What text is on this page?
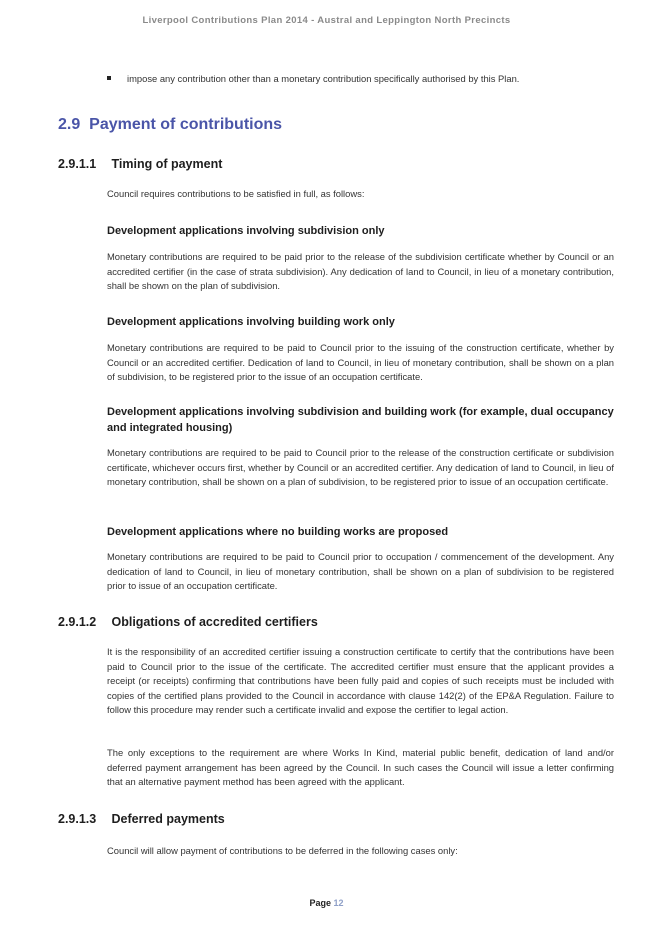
Liverpool Contributions Plan 2014 - Austral and Leppington North Precincts
impose any contribution other than a monetary contribution specifically authorised by this Plan.
2.9 Payment of contributions
2.9.1.1 Timing of payment
Council requires contributions to be satisfied in full, as follows:
Development applications involving subdivision only
Monetary contributions are required to be paid prior to the release of the subdivision certificate whether by Council or an accredited certifier (in the case of strata subdivision). Any dedication of land to Council, in lieu of a monetary contribution, shall be shown on the plan of subdivision.
Development applications involving building work only
Monetary contributions are required to be paid to Council prior to the issuing of the construction certificate, whether by Council or an accredited certifier. Dedication of land to Council, in lieu of monetary contribution, shall be shown on a plan of subdivision, to be registered prior to the issue of an occupation certificate.
Development applications involving subdivision and building work (for example, dual occupancy and integrated housing)
Monetary contributions are required to be paid to Council prior to the release of the construction certificate or subdivision certificate, whichever occurs first, whether by Council or an accredited certifier. Any dedication of land to Council, in lieu of monetary contribution, shall be shown on a plan of subdivision, to be registered prior to issue of an occupation certificate.
Development applications where no building works are proposed
Monetary contributions are required to be paid to Council prior to occupation / commencement of the development. Any dedication of land to Council, in lieu of monetary contribution, shall be shown on a plan of subdivision to be registered prior to issue of an occupation certificate.
2.9.1.2 Obligations of accredited certifiers
It is the responsibility of an accredited certifier issuing a construction certificate to certify that the contributions have been paid to Council prior to the issue of the certificate. The accredited certifier must ensure that the applicant provides a receipt (or receipts) confirming that contributions have been fully paid and copies of such receipts must be included with copies of the certified plans provided to the Council in accordance with clause 142(2) of the EP&A Regulation. Failure to follow this procedure may render such a certificate invalid and expose the certifier to legal action.
The only exceptions to the requirement are where Works In Kind, material public benefit, dedication of land and/or deferred payment arrangement has been agreed by the Council. In such cases the Council will issue a letter confirming that an alternative payment method has been agreed with the applicant.
2.9.1.3 Deferred payments
Council will allow payment of contributions to be deferred in the following cases only:
Page 12
